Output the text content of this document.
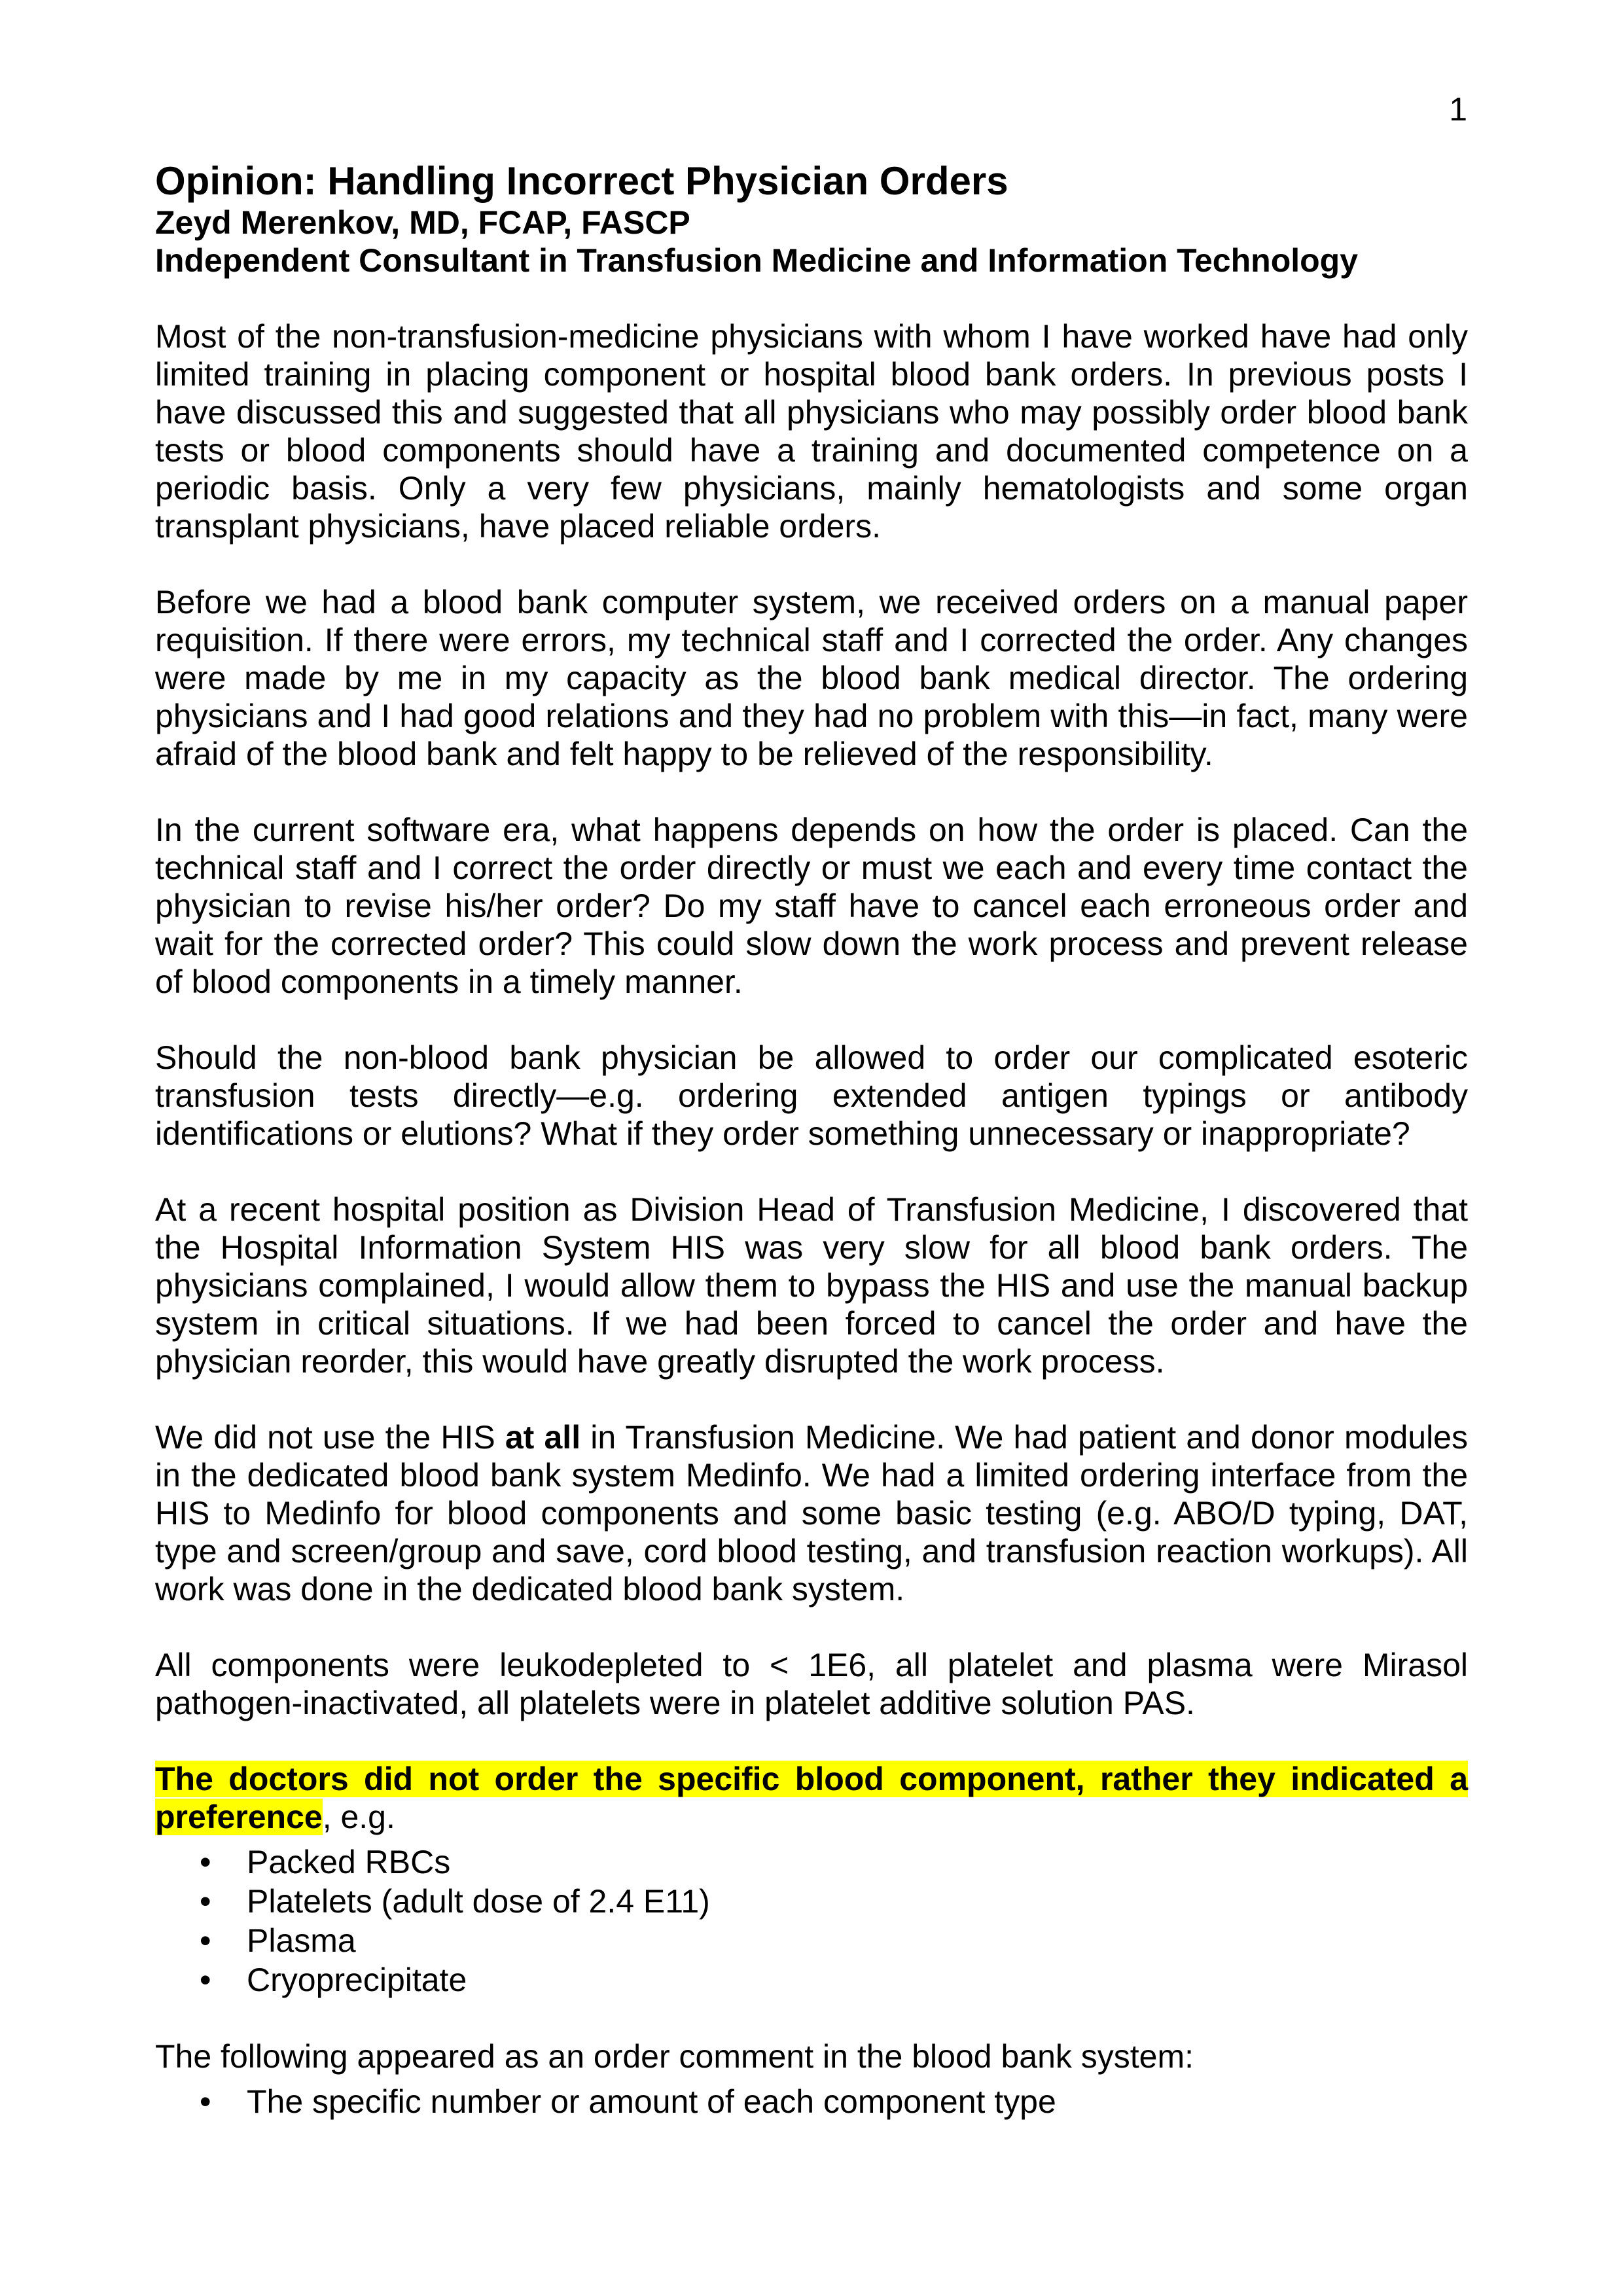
1
Opinion: Handling Incorrect Physician Orders
Zeyd Merenkov, MD, FCAP, FASCP
Independent Consultant in Transfusion Medicine and Information Technology

Most of the non-transfusion-medicine physicians with whom I have worked have had only limited training in placing component or hospital blood bank orders. In previous posts I have discussed this and suggested that all physicians who may possibly order blood bank tests or blood components should have a training and documented competence on a periodic basis. Only a very few physicians, mainly hematologists and some organ transplant physicians, have placed reliable orders.

Before we had a blood bank computer system, we received orders on a manual paper requisition. If there were errors, my technical staff and I corrected the order. Any changes were made by me in my capacity as the blood bank medical director. The ordering physicians and I had good relations and they had no problem with this—in fact, many were afraid of the blood bank and felt happy to be relieved of the responsibility.

In the current software era, what happens depends on how the order is placed. Can the technical staff and I correct the order directly or must we each and every time contact the physician to revise his/her order? Do my staff have to cancel each erroneous order and wait for the corrected order? This could slow down the work process and prevent release of blood components in a timely manner.

Should the non-blood bank physician be allowed to order our complicated esoteric transfusion tests directly—e.g. ordering extended antigen typings or antibody identifications or elutions? What if they order something unnecessary or inappropriate?

At a recent hospital position as Division Head of Transfusion Medicine, I discovered that the Hospital Information System HIS was very slow for all blood bank orders. The physicians complained, I would allow them to bypass the HIS and use the manual backup system in critical situations. If we had been forced to cancel the order and have the physician reorder, this would have greatly disrupted the work process.

We did not use the HIS at all in Transfusion Medicine. We had patient and donor modules in the dedicated blood bank system Medinfo. We had a limited ordering interface from the HIS to Medinfo for blood components and some basic testing (e.g. ABO/D typing, DAT, type and screen/group and save, cord blood testing, and transfusion reaction workups). All work was done in the dedicated blood bank system.

All components were leukodepleted to < 1E6, all platelet and plasma were Mirasol pathogen-inactivated, all platelets were in platelet additive solution PAS.

The doctors did not order the specific blood component, rather they indicated a preference, e.g.

• Packed RBCs
• Platelets (adult dose of 2.4 E11)
• Plasma
• Cryoprecipitate

The following appeared as an order comment in the blood bank system:

• The specific number or amount of each component type
